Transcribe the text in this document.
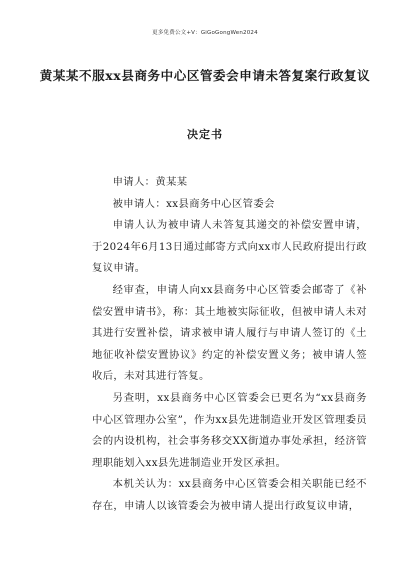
更多免费公文+V：GiGoGongWen2024
黄某某不服xx县商务中心区管委会申请未答复案行政复议
决定书

申请人：黄某某

被申请人：xx县商务中心区管委会

申请人认为被申请人未答复其递交的补偿安置申请，于2024年6月13日通过邮寄方式向xx市人民政府提出行政复议申请。

经审查，申请人向xx县商务中心区管委会邮寄了《补偿安置申请书》，称：其土地被实际征收，但被申请人未对其进行安置补偿，请求被申请人履行与申请人签订的《土地征收补偿安置协议》约定的补偿安置义务；被申请人签收后，未对其进行答复。

另查明，xx县商务中心区管委会已更名为“xx县商务中心区管理办公室”，作为xx县先进制造业开发区管理委员会的内设机构，社会事务移交XX街道办事处承担，经济管理职能划入xx县先进制造业开发区承担。

本机关认为：xx县商务中心区管委会相关职能已经不存在，申请人以该管委会为被申请人提出行政复议申请，
